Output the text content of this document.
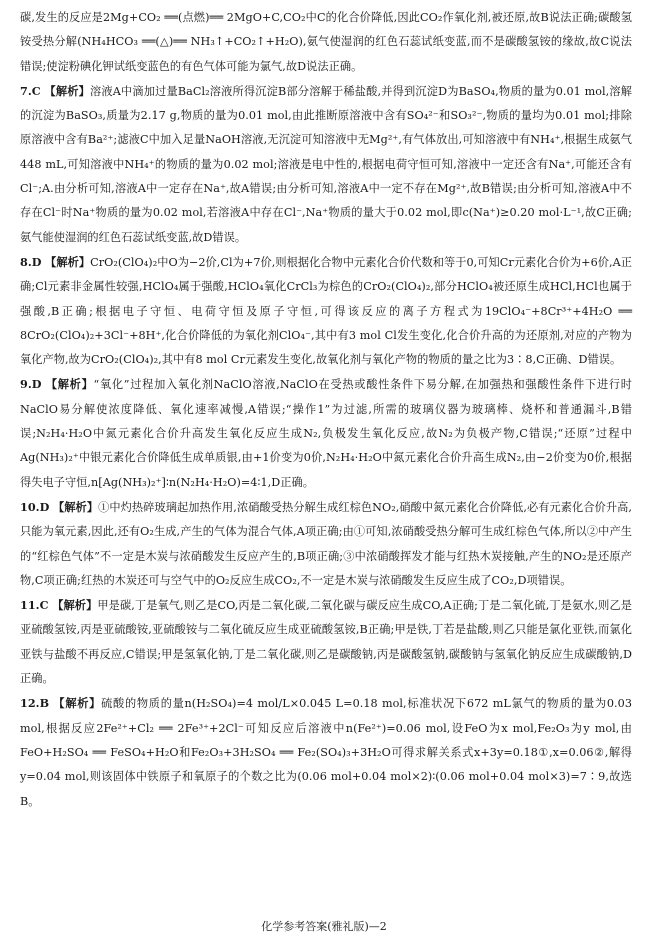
碳,发生的反应是2Mg+CO₂ ══(点燃)══ 2MgO+C,CO₂中C的化合价降低,因此CO₂作氧化剂,被还原,故B说法正确;碳酸氢铵受热分解(NH₄HCO₃ ══(△)══ NH₃↑+CO₂↑+H₂O),氨气使湿润的红色石蕊试纸变蓝,而不是碳酸氢铵的缘故,故C说法错误;使淀粉碘化钾试纸变蓝色的有色气体可能为氯气,故D说法正确。

7.C 【解析】溶液A中滴加过量BaCl₂溶液所得沉淀B部分溶解于稀盐酸,并得到沉淀D为BaSO₄,物质的量为0.01 mol,溶解的沉淀为BaSO₃,质量为2.17 g,物质的量为0.01 mol,由此推断原溶液中含有SO₄²⁻和SO₃²⁻,物质的量均为0.01 mol;排除原溶液中含有Ba²⁺;滤液C中加入足量NaOH溶液,无沉淀可知溶液中无Mg²⁺,有气体放出,可知溶液中有NH₄⁺,根据生成氨气448 mL,可知溶液中NH₄⁺的物质的量为0.02 mol;溶液是电中性的,根据电荷守恒可知,溶液中一定还含有Na⁺,可能还含有Cl⁻;A.由分析可知,溶液A中一定存在Na⁺,故A错误;由分析可知,溶液A中一定不存在Mg²⁺,故B错误;由分析可知,溶液A中不存在Cl⁻时Na⁺物质的量为0.02 mol,若溶液A中存在Cl⁻,Na⁺物质的量大于0.02 mol,即c(Na⁺)≥0.20 mol·L⁻¹,故C正确;氨气能使湿润的红色石蕊试纸变蓝,故D错误。

8.D 【解析】CrO₂(ClO₄)₂中O为−2价,Cl为+7价,则根据化合物中元素化合价代数和等于0,可知Cr元素化合价为+6价,A正确;Cl元素非金属性较强,HClO₄属于强酸,HClO₄氧化CrCl₃为棕色的CrO₂(ClO₄)₂,部分HClO₄被还原生成HCl,HCl也属于强酸,B正确;根据电子守恒、电荷守恒及原子守恒,可得该反应的离子方程式为19ClO₄⁻+8Cr³⁺+4H₂O ══ 8CrO₂(ClO₄)₂+3Cl⁻+8H⁺,化合价降低的为氧化剂ClO₄⁻,其中有3 mol Cl发生变化,化合价升高的为还原剂,对应的产物为氧化产物,故为CrO₂(ClO₄)₂,其中有8 mol Cr元素发生变化,故氧化剂与氧化产物的物质的量之比为3∶8,C正确、D错误。

9.D 【解析】“氧化”过程加入氧化剂NaClO溶液,NaClO在受热或酸性条件下易分解,在加强热和强酸性条件下进行时NaClO易分解使浓度降低、氧化速率减慢,A错误;“操作1”为过滤,所需的玻璃仪器为玻璃棒、烧杯和普通漏斗,B错误;N₂H₄·H₂O中氮元素化合价升高发生氧化反应生成N₂,负极发生氧化反应,故N₂为负极产物,C错误;“还原”过程中Ag(NH₃)₂⁺中银元素化合价降低生成单质银,由+1价变为0价,N₂H₄·H₂O中氮元素化合价升高生成N₂,由−2价变为0价,根据得失电子守恒,n[Ag(NH₃)₂⁺]∶n(N₂H₄·H₂O)=4∶1,D正确。

10.D 【解析】①中灼热碎玻璃起加热作用,浓硝酸受热分解生成红棕色NO₂,硝酸中氮元素化合价降低,必有元素化合价升高,只能为氧元素,因此,还有O₂生成,产生的气体为混合气体,A项正确;由①可知,浓硝酸受热分解可生成红棕色气体,所以②中产生的“红棕色气体”不一定是木炭与浓硝酸发生反应产生的,B项正确;③中浓硝酸挥发才能与红热木炭接触,产生的NO₂是还原产物,C项正确;红热的木炭还可与空气中的O₂反应生成CO₂,不一定是木炭与浓硝酸发生反应生成了CO₂,D项错误。

11.C 【解析】甲是碳,丁是氧气,则乙是CO,丙是二氧化碳,二氧化碳与碳反应生成CO,A正确;丁是二氧化硫,丁是氨水,则乙是亚硫酸氢铵,丙是亚硫酸铵,亚硫酸铵与二氧化硫反应生成亚硫酸氢铵,B正确;甲是铁,丁若是盐酸,则乙只能是氯化亚铁,而氯化亚铁与盐酸不再反应,C错误;甲是氢氧化钠,丁是二氧化碳,则乙是碳酸钠,丙是碳酸氢钠,碳酸钠与氢氧化钠反应生成碳酸钠,D正确。

12.B 【解析】硫酸的物质的量n(H₂SO₄)=4 mol/L×0.045 L=0.18 mol,标准状况下672 mL氯气的物质的量为0.03 mol,根据反应2Fe²⁺+Cl₂ ══ 2Fe³⁺+2Cl⁻可知反应后溶液中n(Fe²⁺)=0.06 mol,设FeO为x mol,Fe₂O₃为y mol,由FeO+H₂SO₄ ══ FeSO₄+H₂O和Fe₂O₃+3H₂SO₄ ══ Fe₂(SO₄)₃+3H₂O可得求解关系式x+3y=0.18①,x=0.06②,解得y=0.04 mol,则该固体中铁原子和氧原子的个数之比为(0.06 mol+0.04 mol×2)∶(0.06 mol+0.04 mol×3)=7∶9,故选B。

化学参考答案(雅礼版)—2
